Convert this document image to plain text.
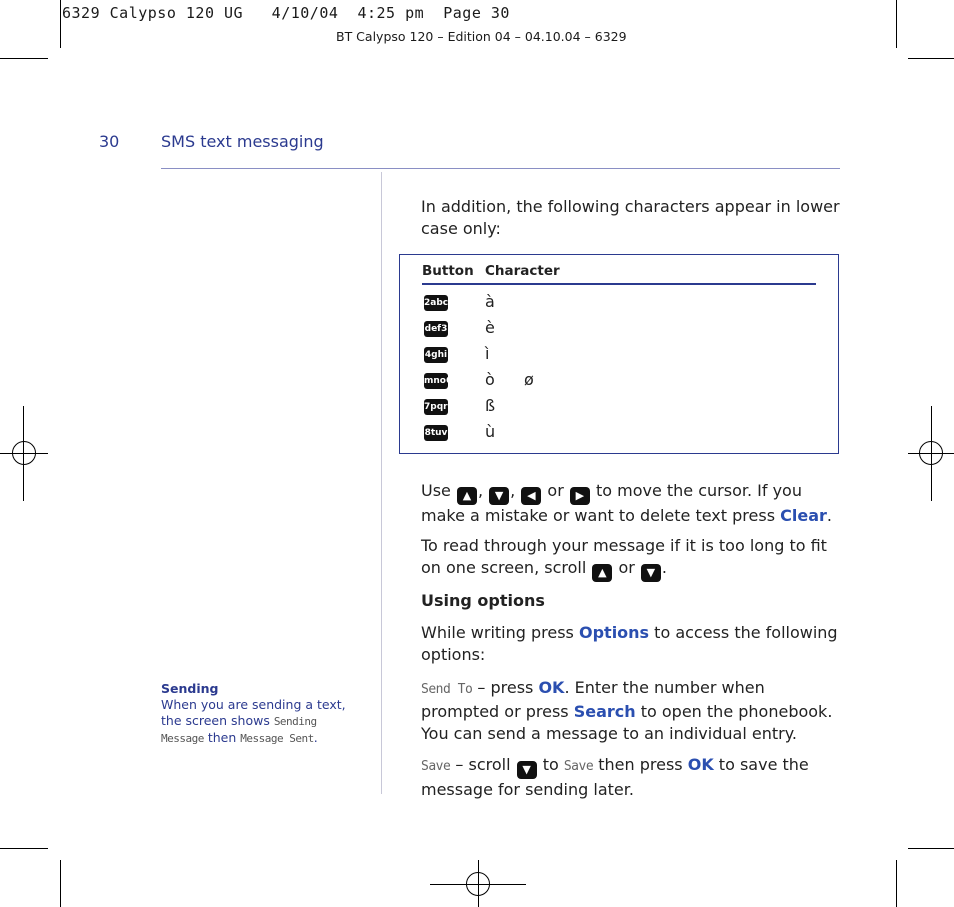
6329 Calypso 120 UG   4/10/04  4:25 pm  Page 30
BT Calypso 120 – Edition 04 – 04.10.04 – 6329
30	SMS text messaging
In addition, the following characters appear in lower case only:
Button Character
2abc à
def3 è
4ghi ì
mno6 ò ø
7pqrs ß
8tuv ù
Use ▲ , ▼ , ◀ or ▶ to move the cursor. If you make a mistake or want to delete text press Clear.
To read through your message if it is too long to fit on one screen, scroll ▲ or ▼ .
Using options
While writing press Options to access the following options:
Send To – press OK. Enter the number when prompted or press Search to open the phonebook.
You can send a message to an individual entry.
Save – scroll ▼ to Save then press OK to save the message for sending later.
Sending
When you are sending a text, the screen shows Sending Message then Message Sent.
